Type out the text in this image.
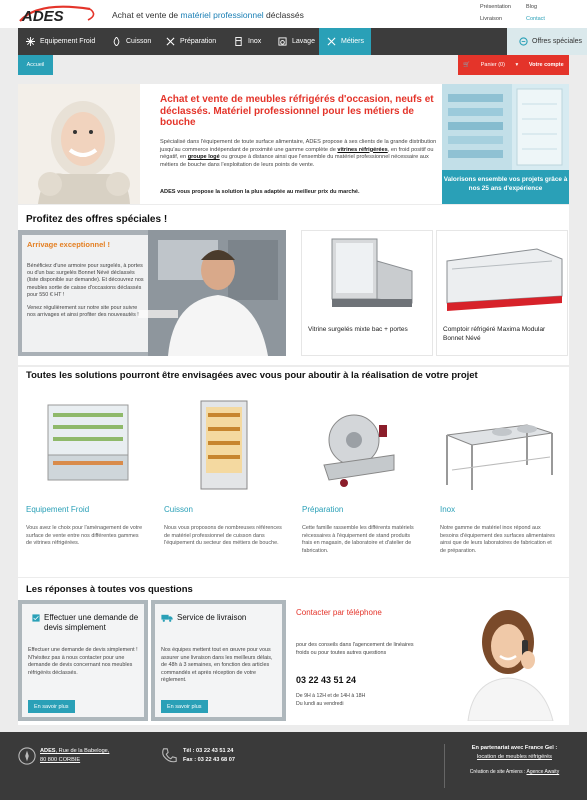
ADES	Achat et vente de matériel professionnel déclassés
Présentation	Blog
Livraison	Contact
Equipement Froid	Cuisson	Préparation	Inox	Lavage	Métiers	Offres spéciales
Accueil	🛒 Panier (0) ▾ Votre compte
Achat et vente de meubles réfrigérés d'occasion, neufs et déclassés. Matériel professionnel pour les métiers de bouche
Spécialisé dans l'équipement de toute surface alimentaire, ADES propose à ses clients de la grande distribution jusqu'au commerce indépendant de proximité une gamme complète de vitrines réfrigérées, en froid positif ou négatif, en groupe logé ou groupe à distance ainsi que l'ensemble du matériel professionnel nécessaire aux métiers de bouche dans l'exploitation de leurs points de vente.
ADES vous propose la solution la plus adaptée au meilleur prix du marché.
Valorisons ensemble vos projets grâce à nos 25 ans d'expérience
Profitez des offres spéciales !
Arrivage exceptionnel !

Bénéficiez d'une armoire pour surgelés, à portes ou d'un bac surgelés Bonnet Névé déclassés (liste disponible sur demande). Et découvrez nos meubles sortie de caisse d'occasions déclassés pour 550 € HT !

Venez régulièrement sur notre site pour suivre nos arrivages et ainsi profiter des nouveautés !

Vitrine surgelés mixte bac + portes	Comptoir réfrigéré Maxima Modular Bonnet Névé
Toutes les solutions pourront être envisagées avec vous pour aboutir à la réalisation de votre projet
Equipement Froid
Vous avez le choix pour l'aménagement de votre surface de vente entre nos différentes gammes de vitrines réfrigérées.
Cuisson
Nous vous proposons de nombreuses références de matériel professionnel de cuisson dans l'équipement du secteur des métiers de bouche.
Préparation
Cette famille rassemble les différents matériels nécessaires à l'équipement de stand produits frais en magasin, de laboratoire et d'atelier de fabrication.
Inox
Notre gamme de matériel inox répond aux besoins d'équipement des surfaces alimentaires ainsi que de leurs laboratoires de fabrication et de préparation.
Les réponses à toutes vos questions
Effectuer une demande de devis simplement
Effectuer une demande de devis simplement ! N'hésitez pas à nous contacter pour une demande de devis concernant nos meubles réfrigérés déclassés.
En savoir plus
Service de livraison
Nos équipes mettent tout en œuvre pour vous assurer une livraison dans les meilleurs délais, de 48h à 3 semaines, en fonction des articles commandés et après réception de votre règlement.
En savoir plus
Contacter par téléphone
pour des conseils dans l'agencement de linéaires froids ou pour toutes autres questions
03 22 43 51 24
De 9H à 12H et de 14H à 18H
Du lundi au vendredi
ADES, Rue de la Babeloge,
80 800 CORBIE
Tél : 03 22 43 51 24
Fax : 03 22 43 68 07
En partenariat avec France Gel :
location de meubles réfrigérés
Création de site Amiens : Agence Awaity
